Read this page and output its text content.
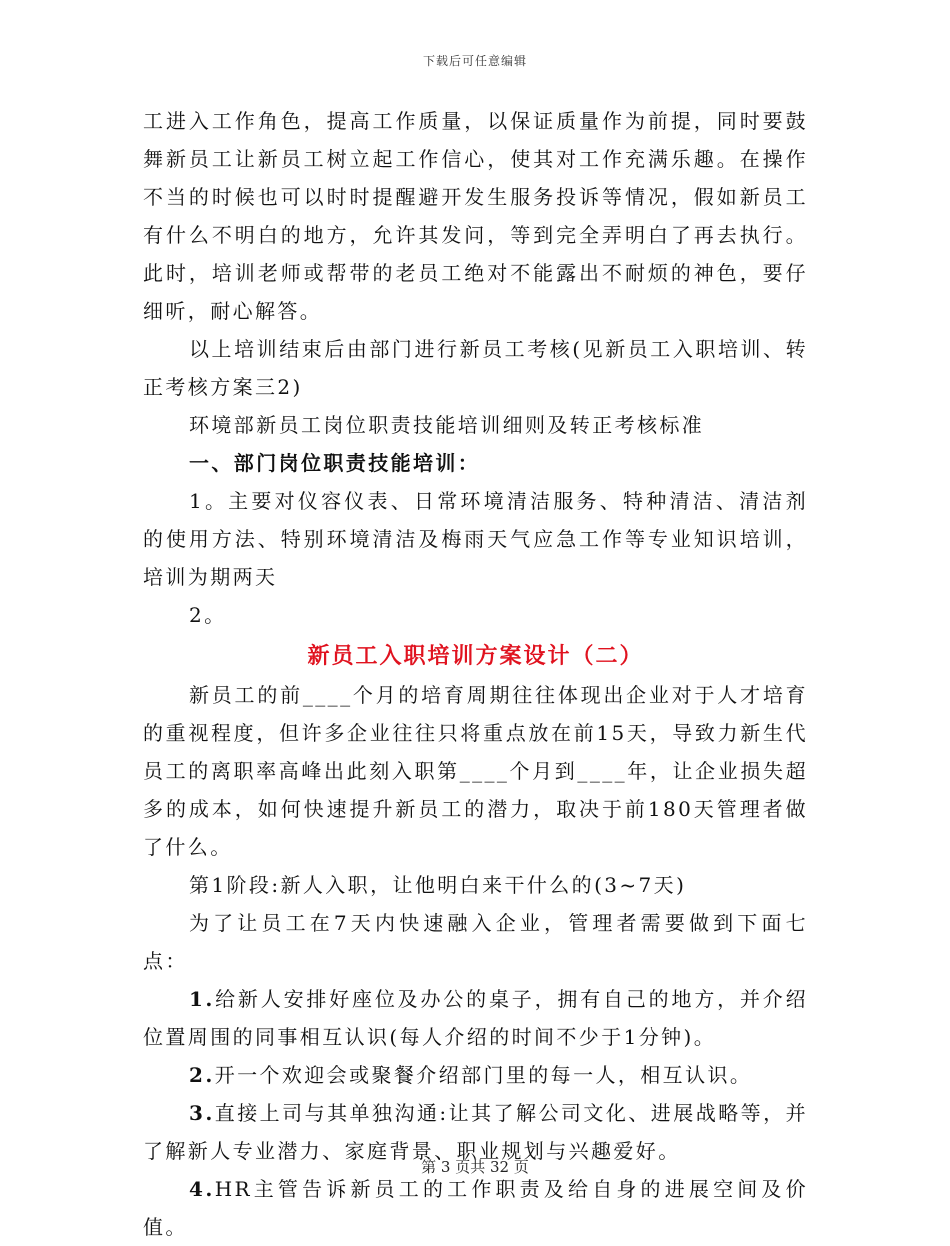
下载后可任意编辑

工进入工作角色，提高工作质量，以保证质量作为前提，同时要鼓舞新员工让新员工树立起工作信心，使其对工作充满乐趣。在操作不当的时候也可以时时提醒避开发生服务投诉等情况，假如新员工有什么不明白的地方，允许其发问，等到完全弄明白了再去执行。此时，培训老师或帮带的老员工绝对不能露出不耐烦的神色，要仔细听，耐心解答。

以上培训结束后由部门进行新员工考核(见新员工入职培训、转正考核方案三2)

环境部新员工岗位职责技能培训细则及转正考核标准

一、部门岗位职责技能培训：

1。主要对仪容仪表、日常环境清洁服务、特种清洁、清洁剂的使用方法、特别环境清洁及梅雨天气应急工作等专业知识培训，培训为期两天

2。

新员工入职培训方案设计（二）

新员工的前____个月的培育周期往往体现出企业对于人才培育的重视程度，但许多企业往往只将重点放在前15天，导致力新生代员工的离职率高峰出此刻入职第____个月到____年，让企业损失超多的成本，如何快速提升新员工的潜力，取决于前180天管理者做了什么。

第1阶段:新人入职，让他明白来干什么的(3~7天)

为了让员工在7天内快速融入企业，管理者需要做到下面七点：

1.给新人安排好座位及办公的桌子，拥有自己的地方，并介绍位置周围的同事相互认识(每人介绍的时间不少于1分钟)。

2.开一个欢迎会或聚餐介绍部门里的每一人，相互认识。

3.直接上司与其单独沟通:让其了解公司文化、进展战略等，并了解新人专业潜力、家庭背景、职业规划与兴趣爱好。

4.HR主管告诉新员工的工作职责及给自身的进展空间及价值。

第 3 页共 32 页
